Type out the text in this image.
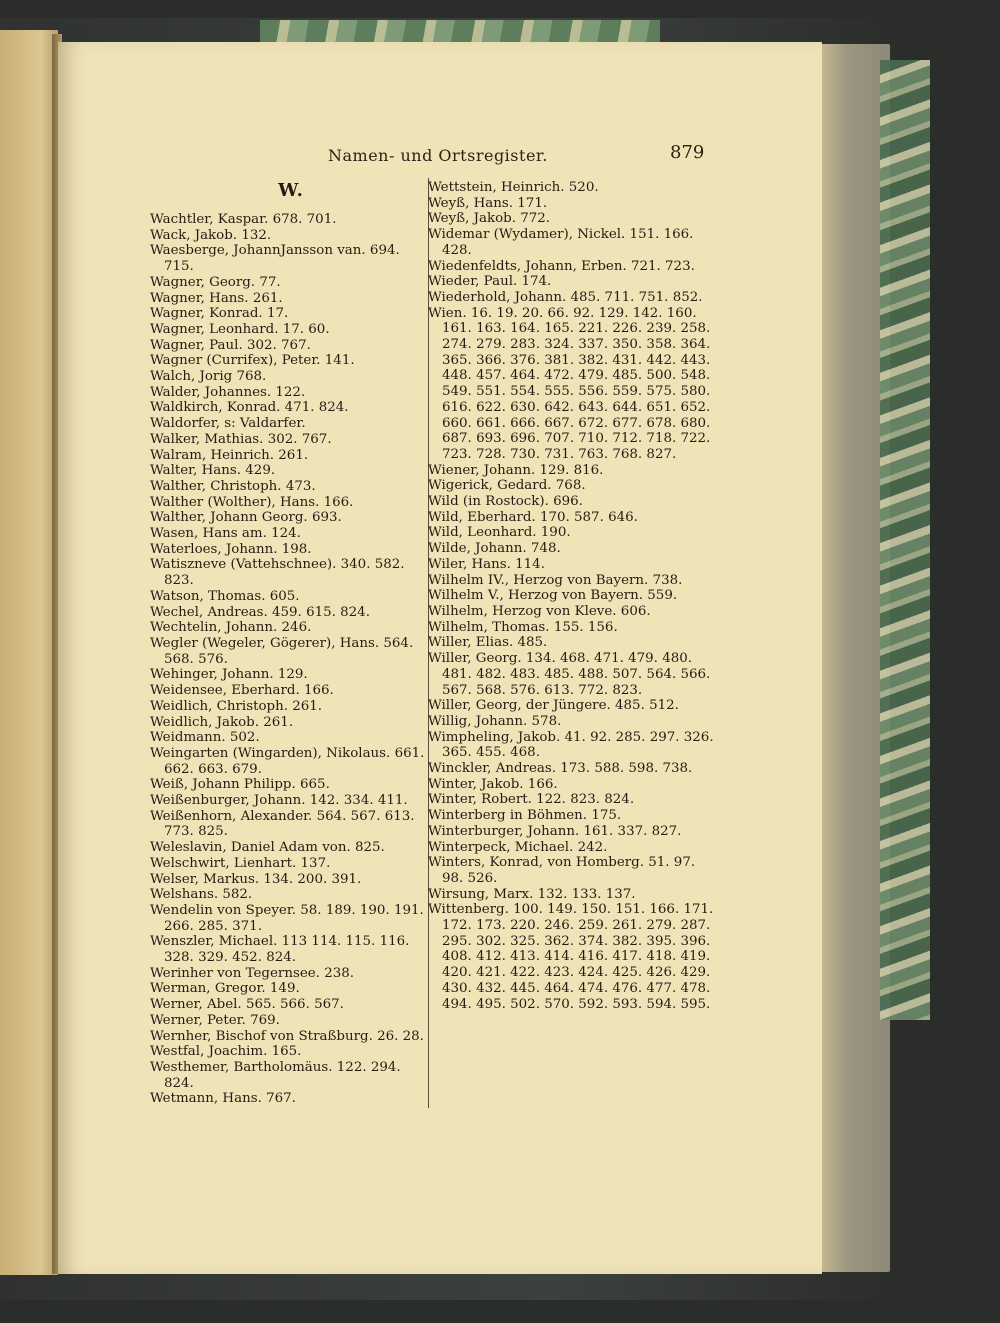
Namen- und Ortsregister.	879
W.
Wachtler, Kaspar. 678. 701.
Wack, Jakob. 132.
Waesberge, JohannJansson van. 694. 715.
Wagner, Georg. 77.
Wagner, Hans. 261.
Wagner, Konrad. 17.
Wagner, Leonhard. 17. 60.
Wagner, Paul. 302. 767.
Wagner (Currifex), Peter. 141.
Walch, Jorig 768.
Walder, Johannes. 122.
Waldkirch, Konrad. 471. 824.
Waldorfer, s: Valdarfer.
Walker, Mathias. 302. 767.
Walram, Heinrich. 261.
Walter, Hans. 429.
Walther, Christoph. 473.
Walther (Wolther), Hans. 166.
Walther, Johann Georg. 693.
Wasen, Hans am. 124.
Waterloes, Johann. 198.
Watiszneve (Vattehschnee). 340. 582. 823.
Watson, Thomas. 605.
Wechel, Andreas. 459. 615. 824.
Wechtelin, Johann. 246.
Wegler (Wegeler, Gögerer), Hans. 564. 568. 576.
Wehinger, Johann. 129.
Weidensee, Eberhard. 166.
Weidlich, Christoph. 261.
Weidlich, Jakob. 261.
Weidmann. 502.
Weingarten (Wingarden), Nikolaus. 661. 662. 663. 679.
Weiß, Johann Philipp. 665.
Weißenburger, Johann. 142. 334. 411.
Weißenhorn, Alexander. 564. 567. 613. 773. 825.
Weleslavin, Daniel Adam von. 825.
Welschwirt, Lienhart. 137.
Welser, Markus. 134. 200. 391.
Welshans. 582.
Wendelin von Speyer. 58. 189. 190. 191. 266. 285. 371.
Wenszler, Michael. 113 114. 115. 116. 328. 329. 452. 824.
Werinher von Tegernsee. 238.
Werman, Gregor. 149.
Werner, Abel. 565. 566. 567.
Werner, Peter. 769.
Wernher, Bischof von Straßburg. 26. 28.
Westfal, Joachim. 165.
Westhemer, Bartholomäus. 122. 294. 824.
Wetmann, Hans. 767.
Wettstein, Heinrich. 520.
Weyß, Hans. 171.
Weyß, Jakob. 772.
Widemar (Wydamer), Nickel. 151. 166. 428.
Wiedenfeldts, Johann, Erben. 721. 723.
Wieder, Paul. 174.
Wiederhold, Johann. 485. 711. 751. 852.
Wien. 16. 19. 20. 66. 92. 129. 142. 160. 161. 163. 164. 165. 221. 226. 239. 258. 274. 279. 283. 324. 337. 350. 358. 364. 365. 366. 376. 381. 382. 431. 442. 443. 448. 457. 464. 472. 479. 485. 500. 548. 549. 551. 554. 555. 556. 559. 575. 580. 616. 622. 630. 642. 643. 644. 651. 652. 660. 661. 666. 667. 672. 677. 678. 680. 687. 693. 696. 707. 710. 712. 718. 722. 723. 728. 730. 731. 763. 768. 827.
Wiener, Johann. 129. 816.
Wigerick, Gedard. 768.
Wild (in Rostock). 696.
Wild, Eberhard. 170. 587. 646.
Wild, Leonhard. 190.
Wilde, Johann. 748.
Wiler, Hans. 114.
Wilhelm IV., Herzog von Bayern. 738.
Wilhelm V., Herzog von Bayern. 559.
Wilhelm, Herzog von Kleve. 606.
Wilhelm, Thomas. 155. 156.
Willer, Elias. 485.
Willer, Georg. 134. 468. 471. 479. 480. 481. 482. 483. 485. 488. 507. 564. 566. 567. 568. 576. 613. 772. 823.
Willer, Georg, der Jüngere. 485. 512.
Willig, Johann. 578.
Wimpheling, Jakob. 41. 92. 285. 297. 326. 365. 455. 468.
Winckler, Andreas. 173. 588. 598. 738.
Winter, Jakob. 166.
Winter, Robert. 122. 823. 824.
Winterberg in Böhmen. 175.
Winterburger, Johann. 161. 337. 827.
Winterpeck, Michael. 242.
Winters, Konrad, von Homberg. 51. 97. 98. 526.
Wirsung, Marx. 132. 133. 137.
Wittenberg. 100. 149. 150. 151. 166. 171. 172. 173. 220. 246. 259. 261. 279. 287. 295. 302. 325. 362. 374. 382. 395. 396. 408. 412. 413. 414. 416. 417. 418. 419. 420. 421. 422. 423. 424. 425. 426. 429. 430. 432. 445. 464. 474. 476. 477. 478. 494. 495. 502. 570. 592. 593. 594. 595.
